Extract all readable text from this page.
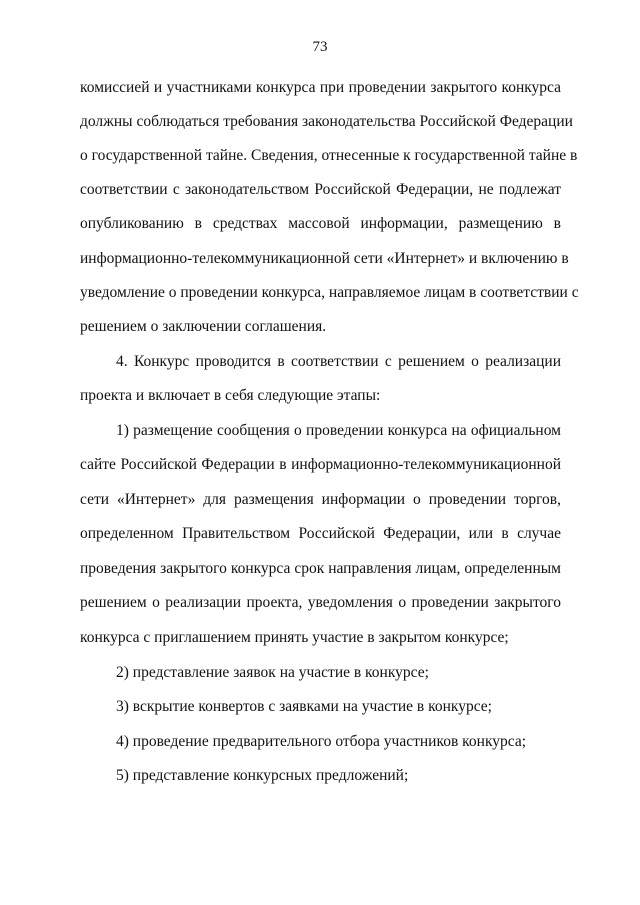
73
комиссией и участниками конкурса при проведении закрытого конкурса
должны соблюдаться требования законодательства Российской Федерации
о государственной тайне. Сведения, отнесенные к государственной тайне в
соответствии с законодательством Российской Федерации, не подлежат
опубликованию в средствах массовой информации, размещению в
информационно-телекоммуникационной сети «Интернет» и включению в
уведомление о проведении конкурса, направляемое лицам в соответствии с
решением о заключении соглашения.
4. Конкурс проводится в соответствии с решением о реализации
проекта и включает в себя следующие этапы:
1) размещение сообщения о проведении конкурса на официальном
сайте Российской Федерации в информационно-телекоммуникационной
сети «Интернет» для размещения информации о проведении торгов,
определенном Правительством Российской Федерации, или в случае
проведения закрытого конкурса срок направления лицам, определенным
решением о реализации проекта, уведомления о проведении закрытого
конкурса с приглашением принять участие в закрытом конкурсе;
2) представление заявок на участие в конкурсе;
3) вскрытие конвертов с заявками на участие в конкурсе;
4) проведение предварительного отбора участников конкурса;
5) представление конкурсных предложений;
